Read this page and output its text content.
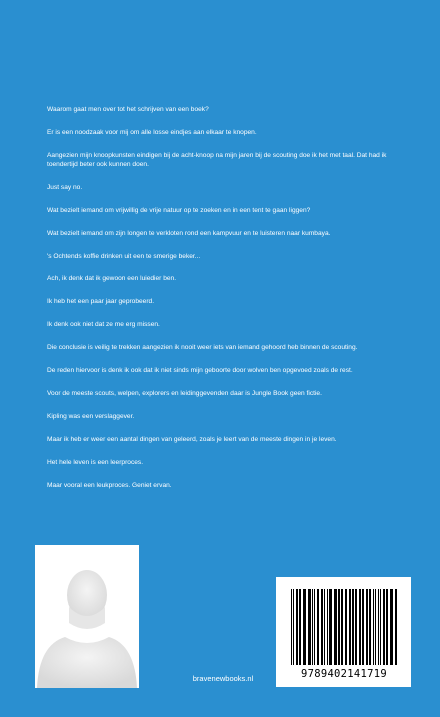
Waarom gaat men over tot het schrijven van een boek?

Er is een noodzaak voor mij om alle losse eindjes aan elkaar te knopen.

Aangezien mijn knoopkunsten eindigen bij de acht-knoop na mijn jaren bij de scouting doe ik het met taal. Dat had ik toendertijd beter ook kunnen doen.

Just say no.

Wat bezielt iemand om vrijwillig de vrije natuur op te zoeken en in een tent te gaan liggen?

Wat bezielt iemand om zijn longen te verkloten rond een kampvuur en te luisteren naar kumbaya.

's Ochtends koffie drinken uit een te smerige beker...

Ach, ik denk dat ik gewoon een luiedier ben.

Ik heb het een paar jaar geprobeerd.

Ik denk ook niet dat ze me erg missen.

Die conclusie is veilig te trekken aangezien ik nooit weer iets van iemand gehoord heb binnen de scouting.

De reden hiervoor is denk ik ook dat ik niet sinds mijn geboorte door wolven ben opgevoed zoals de rest.

Voor de meeste scouts, welpen, explorers en leidinggevenden daar is Jungle Book geen fictie.

Kipling was een verslaggever.

Maar ik heb er weer een aantal dingen van geleerd, zoals je leert van de meeste dingen in je leven.

Het hele leven is een leerproces.

Maar vooral een leukproces. Geniet ervan.

bravenewbooks.nl	9789402141719
